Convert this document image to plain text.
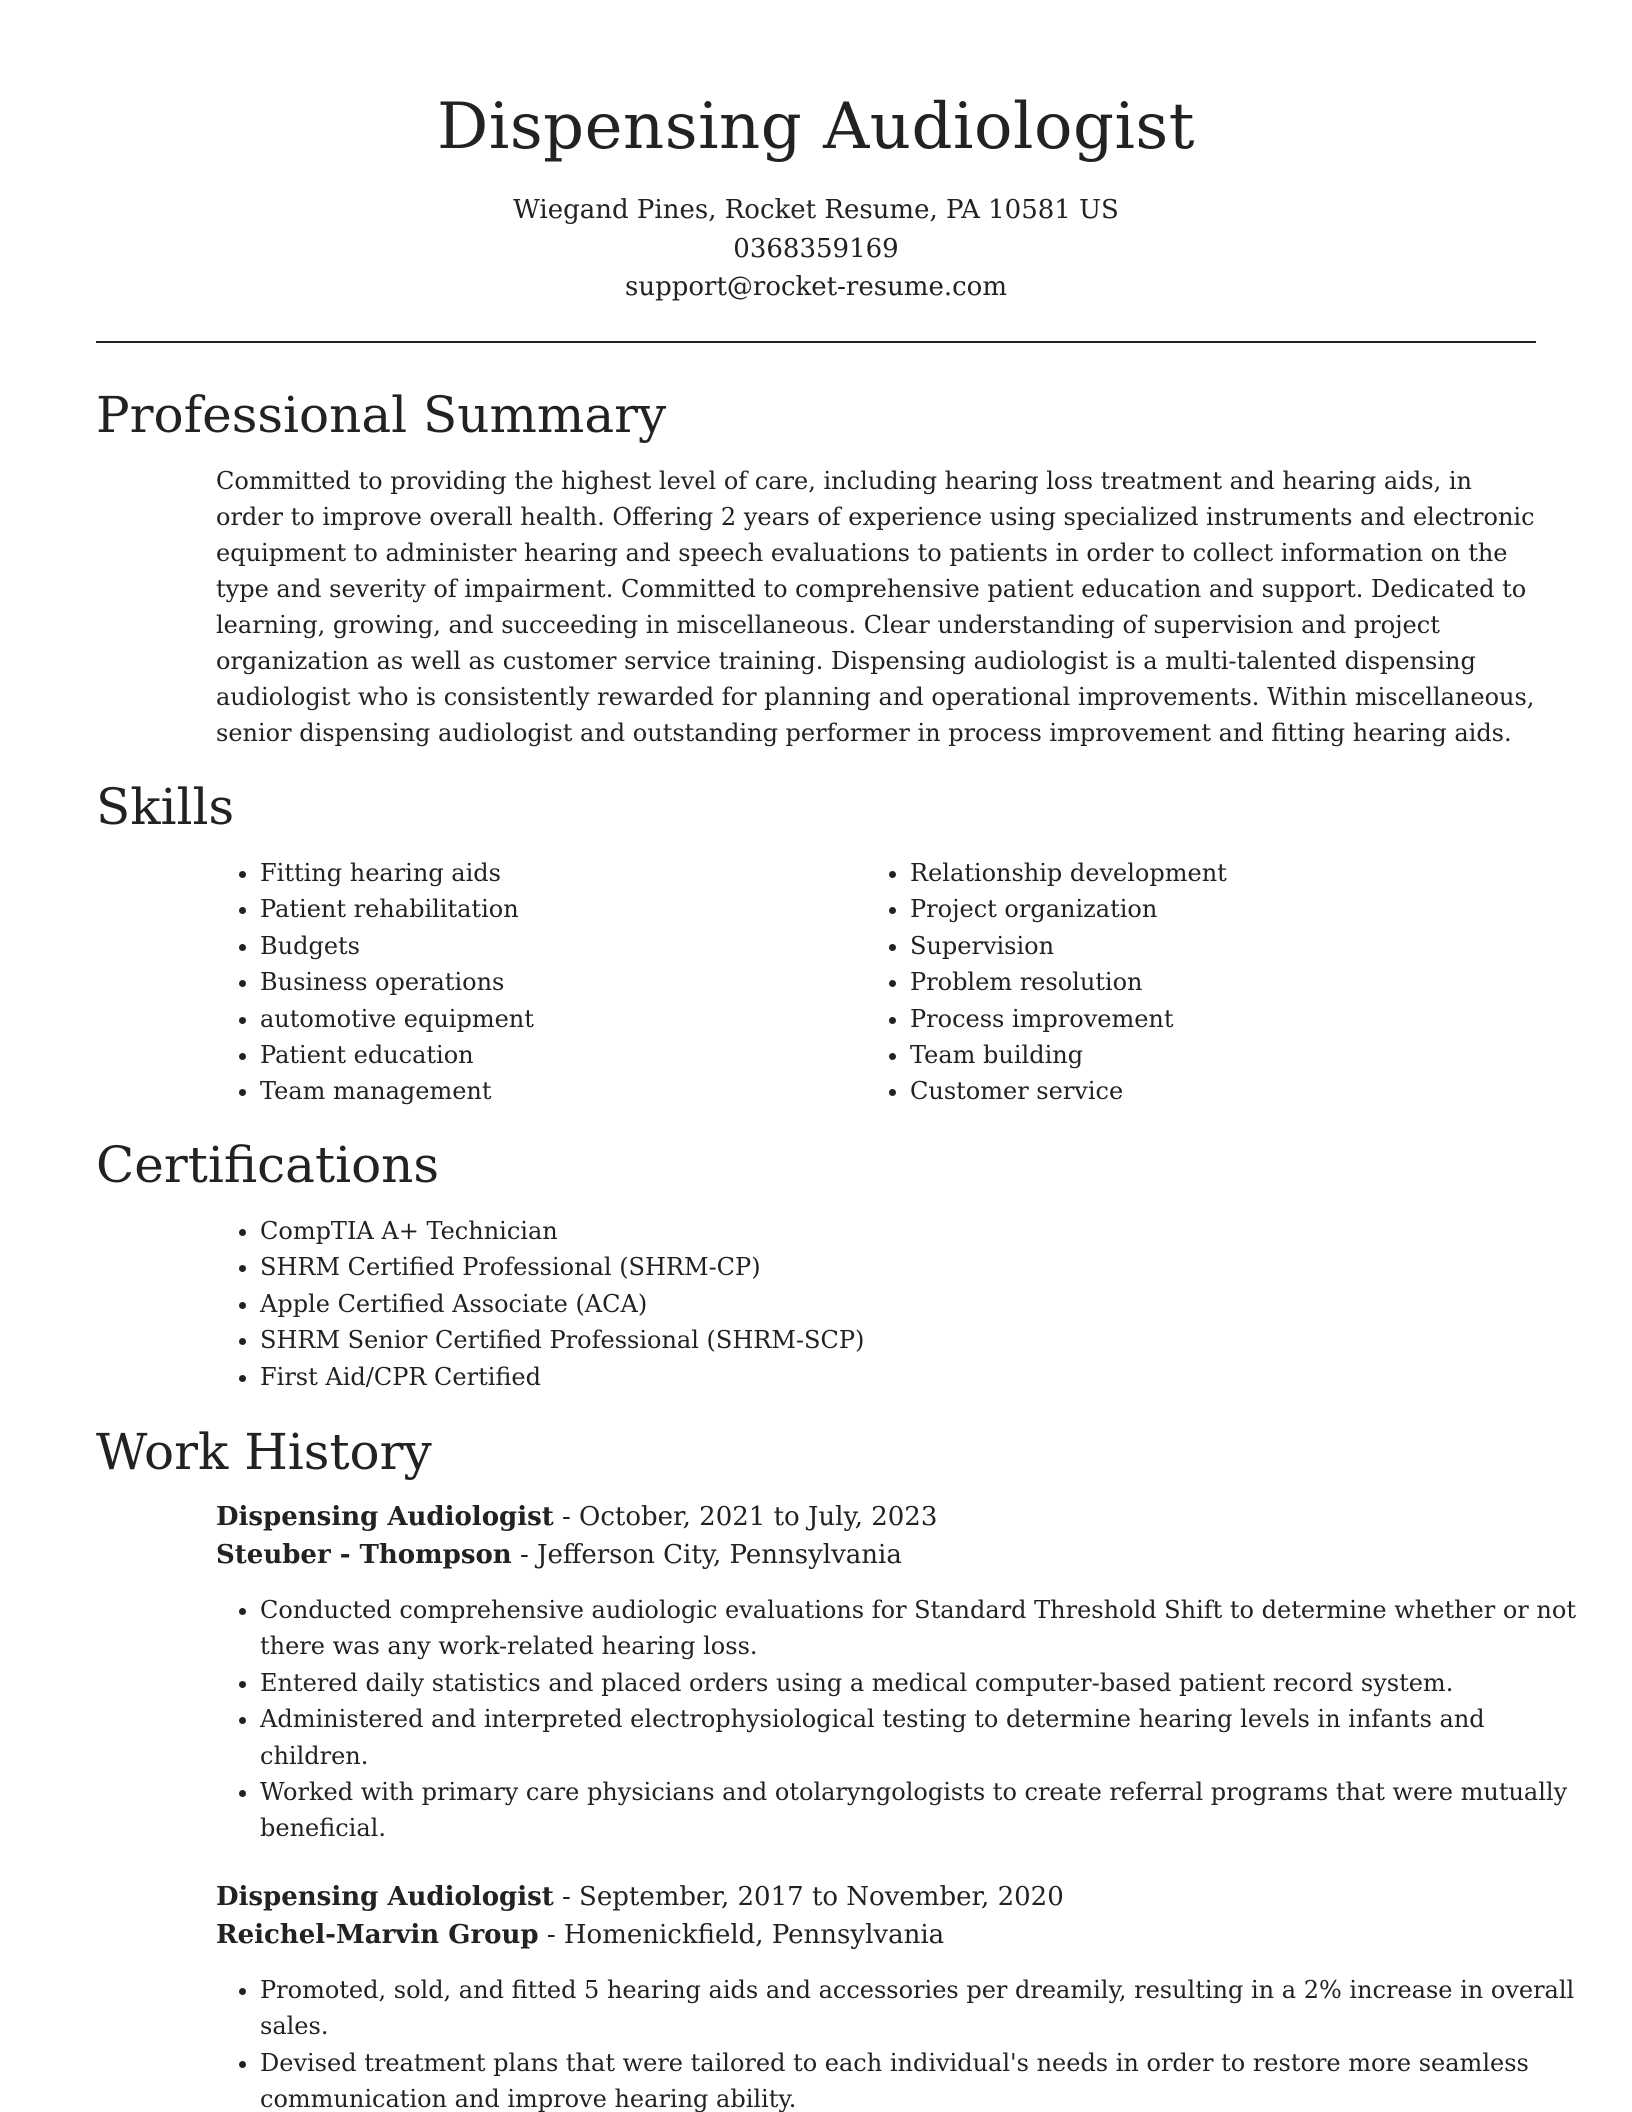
Dispensing Audiologist
Wiegand Pines, Rocket Resume, PA 10581 US
0368359169
support@rocket-resume.com
Professional Summary

Committed to providing the highest level of care, including hearing loss treatment and hearing aids, in order to improve overall health. Offering 2 years of experience using specialized instruments and electronic equipment to administer hearing and speech evaluations to patients in order to collect information on the type and severity of impairment. Committed to comprehensive patient education and support. Dedicated to learning, growing, and succeeding in miscellaneous. Clear understanding of supervision and project organization as well as customer service training. Dispensing audiologist is a multi-talented dispensing audiologist who is consistently rewarded for planning and operational improvements. Within miscellaneous, senior dispensing audiologist and outstanding performer in process improvement and fitting hearing aids.

Skills
• Fitting hearing aids
• Patient rehabilitation
• Budgets
• Business operations
• automotive equipment
• Patient education
• Team management
• Relationship development
• Project organization
• Supervision
• Problem resolution
• Process improvement
• Team building
• Customer service
Certifications
• CompTIA A+ Technician
• SHRM Certified Professional (SHRM-CP)
• Apple Certified Associate (ACA)
• SHRM Senior Certified Professional (SHRM-SCP)
• First Aid/CPR Certified
Work History
Dispensing Audiologist - October, 2021 to July, 2023
Steuber - Thompson - Jefferson City, Pennsylvania
• Conducted comprehensive audiologic evaluations for Standard Threshold Shift to determine whether or not there was any work-related hearing loss.
• Entered daily statistics and placed orders using a medical computer-based patient record system.
• Administered and interpreted electrophysiological testing to determine hearing levels in infants and children.
• Worked with primary care physicians and otolaryngologists to create referral programs that were mutually beneficial.
Dispensing Audiologist - September, 2017 to November, 2020
Reichel-Marvin Group - Homenickfield, Pennsylvania
• Promoted, sold, and fitted 5 hearing aids and accessories per dreamily, resulting in a 2% increase in overall sales.
• Devised treatment plans that were tailored to each individual's needs in order to restore more seamless communication and improve hearing ability.
